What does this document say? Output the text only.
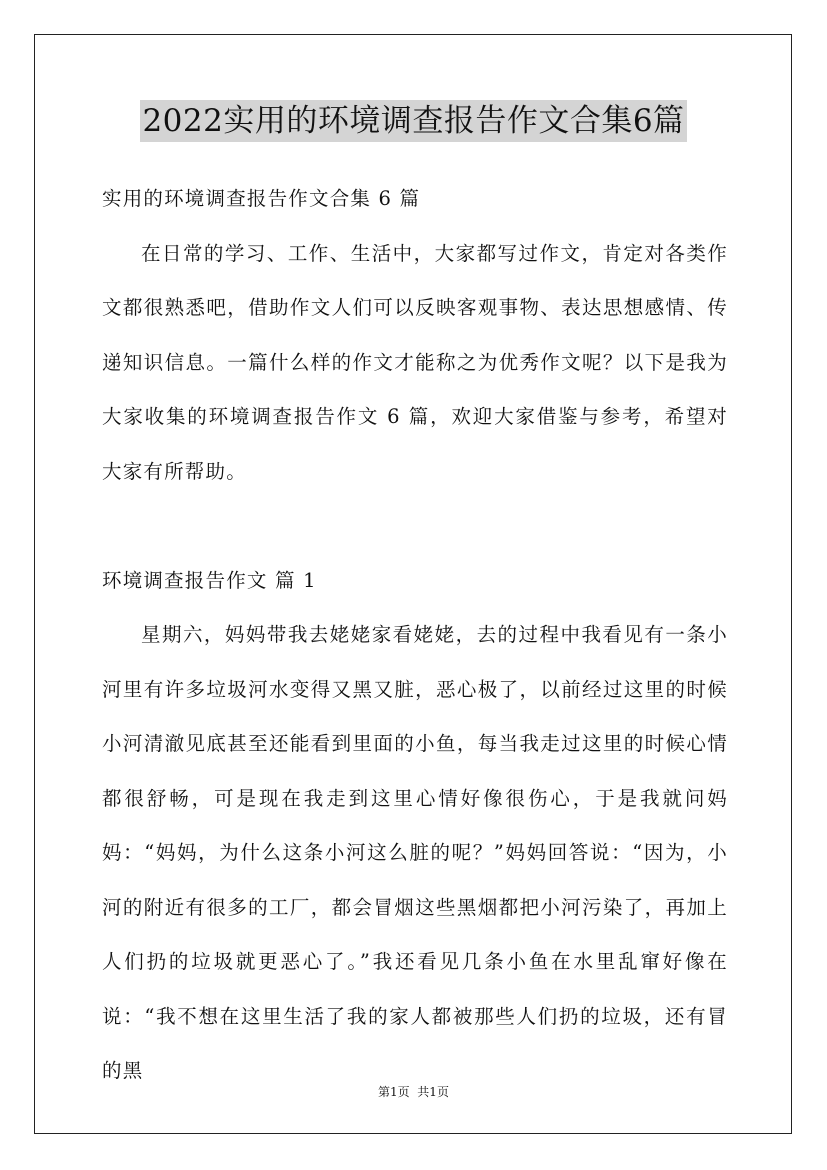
2022实用的环境调查报告作文合集6篇

实用的环境调查报告作文合集 6 篇

在日常的学习、工作、生活中，大家都写过作文，肯定对各类作文都很熟悉吧，借助作文人们可以反映客观事物、表达思想感情、传递知识信息。一篇什么样的作文才能称之为优秀作文呢？以下是我为大家收集的环境调查报告作文 6 篇，欢迎大家借鉴与参考，希望对大家有所帮助。

环境调查报告作文 篇 1

星期六，妈妈带我去姥姥家看姥姥，去的过程中我看见有一条小河里有许多垃圾河水变得又黑又脏，恶心极了，以前经过这里的时候小河清澈见底甚至还能看到里面的小鱼，每当我走过这里的时候心情都很舒畅，可是现在我走到这里心情好像很伤心，于是我就问妈妈：“妈妈，为什么这条小河这么脏的呢？”妈妈回答说：“因为，小河的附近有很多的工厂，都会冒烟这些黑烟都把小河污染了，再加上人们扔的垃圾就更恶心了。”我还看见几条小鱼在水里乱窜好像在说：“我不想在这里生活了我的家人都被那些人们扔的垃圾，还有冒的黑

第1页  共1页
